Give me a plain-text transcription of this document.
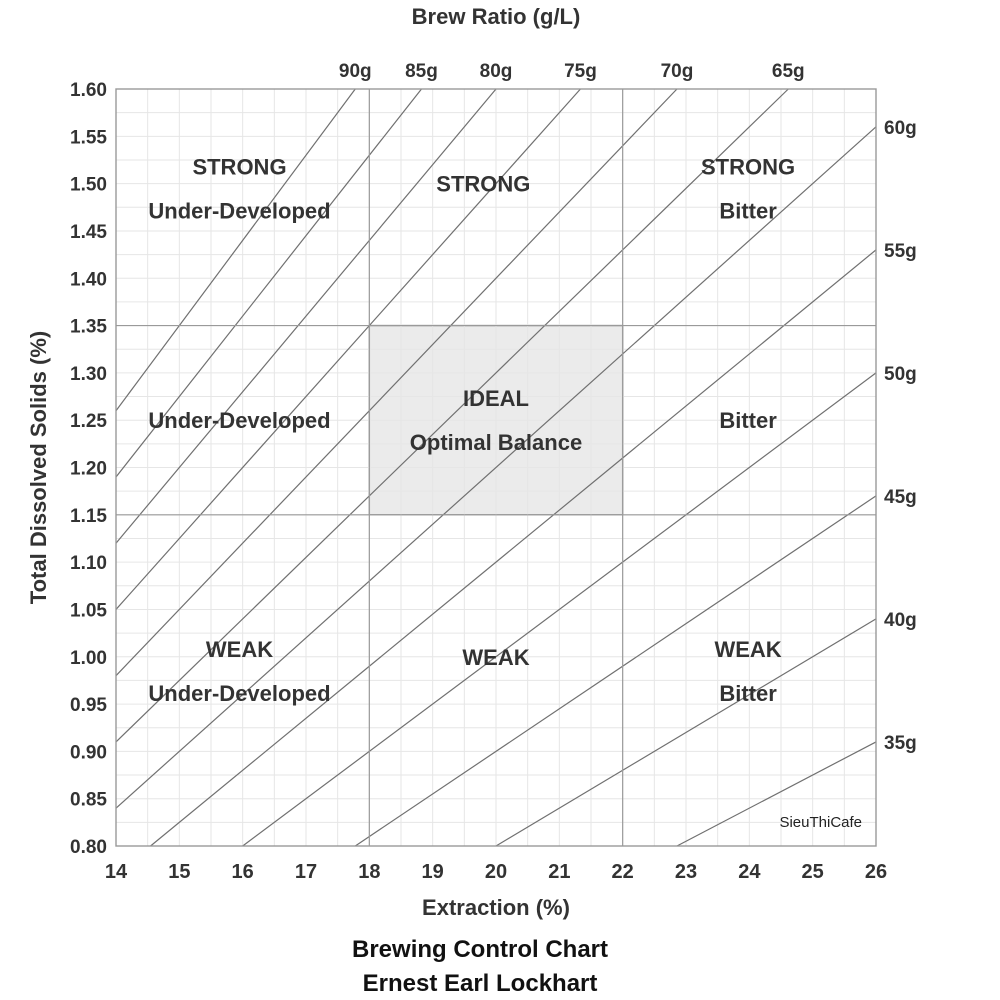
14 15 16 17 18 19 20 21 22 23 24 25 26
0.80
0.85
0.90
0.95
1.00
1.05
1.10
1.15
1.20
1.25
1.30
1.35
1.40
1.45
1.50
1.55
1.60
STRONG
Under-Developed
STRONG
STRONG
Bitter
Under-Developed
IDEAL
Optimal Balance
Bitter
WEAK
Under-Developed
WEAK	WEAK
Bitter
90g 85g 80g	75g	70g	65g
60g
55g
50g
45g
40g
35g
Brew Ratio (g/L)
Extraction (%)
Total Dissolved Solids (%)
SieuThiCafe
Brewing Control Chart
Ernest Earl Lockhart
